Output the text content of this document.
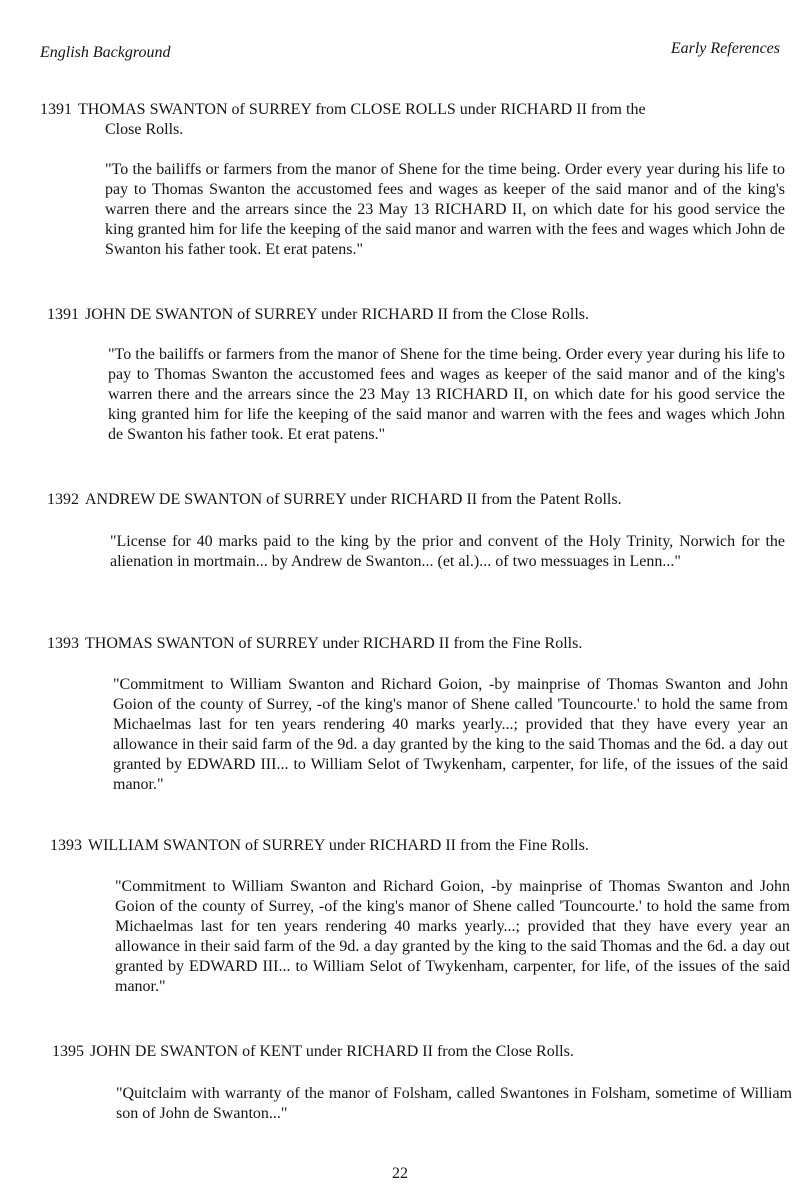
English Background	Early References

1391 THOMAS SWANTON of SURREY from CLOSE ROLLS under RICHARD II from the
Close Rolls.

"To the bailiffs or farmers from the manor of Shene for the time being. Order every year during his life to pay to Thomas Swanton the accustomed fees and wages as keeper of the said manor and of the king's warren there and the arrears since the 23 May 13 RICHARD II, on which date for his good service the king granted him for life the keeping of the said manor and warren with the fees and wages which John de Swanton his father took. Et erat patens."

1391 JOHN DE SWANTON of SURREY under RICHARD II from the Close Rolls.

"To the bailiffs or farmers from the manor of Shene for the time being. Order every year during his life to pay to Thomas Swanton the accustomed fees and wages as keeper of the said manor and of the king's warren there and the arrears since the 23 May 13 RICHARD II, on which date for his good service the king granted him for life the keeping of the said manor and warren with the fees and wages which John de Swanton his father took. Et erat patens."

1392 ANDREW DE SWANTON of SURREY under RICHARD II from the Patent Rolls.

"License for 40 marks paid to the king by the prior and convent of the Holy Trinity, Norwich for the alienation in mortmain... by Andrew de Swanton... (et al.)... of two messuages in Lenn..."

1393 THOMAS SWANTON of SURREY under RICHARD II from the Fine Rolls.

"Commitment to William Swanton and Richard Goion, -by mainprise of Thomas Swanton and John Goion of the county of Surrey, -of the king's manor of Shene called 'Touncourte.' to hold the same from Michaelmas last for ten years rendering 40 marks yearly...; provided that they have every year an allowance in their said farm of the 9d. a day granted by the king to the said Thomas and the 6d. a day out granted by EDWARD III... to William Selot of Twykenham, carpenter, for life, of the issues of the said manor."

1393 WILLIAM SWANTON of SURREY under RICHARD II from the Fine Rolls.

"Commitment to William Swanton and Richard Goion, -by mainprise of Thomas Swanton and John Goion of the county of Surrey, -of the king's manor of Shene called 'Touncourte.' to hold the same from Michaelmas last for ten years rendering 40 marks yearly...; provided that they have every year an allowance in their said farm of the 9d. a day granted by the king to the said Thomas and the 6d. a day out granted by EDWARD III... to William Selot of Twykenham, carpenter, for life, of the issues of the said manor."

1395 JOHN DE SWANTON of KENT under RICHARD II from the Close Rolls.

"Quitclaim with warranty of the manor of Folsham, called Swantones in Folsham, sometime of William son of John de Swanton..."

22
